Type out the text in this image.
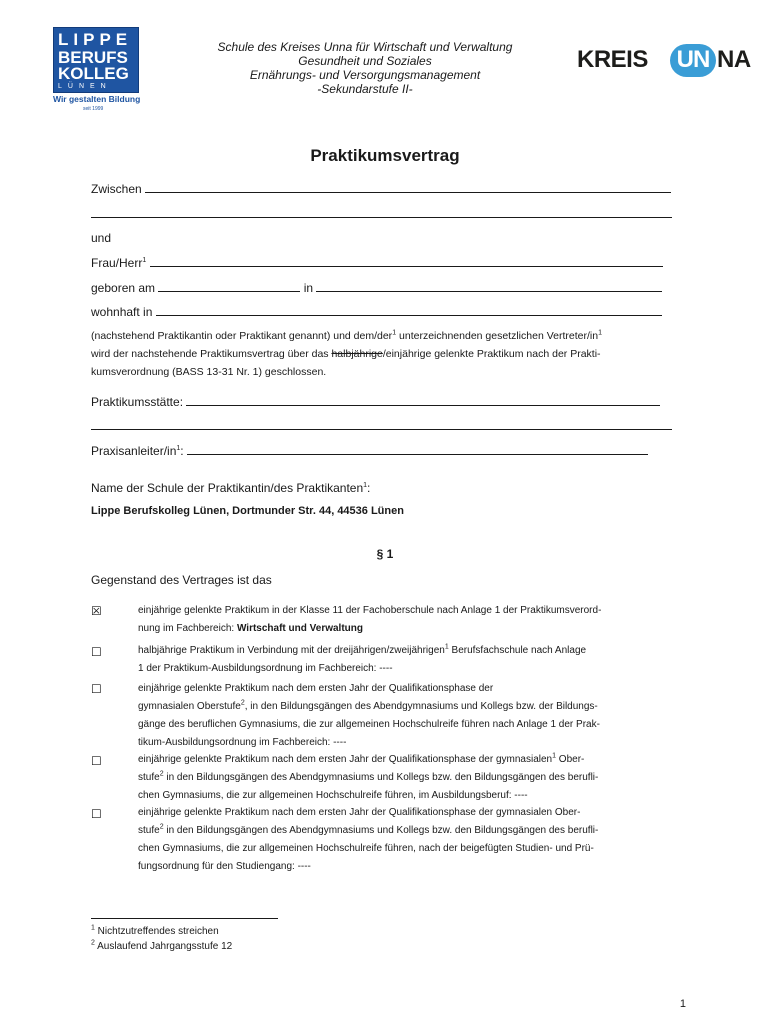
LIPPE
BERUFS
KOLLEG
LÜNEN
Wir gestalten Bildung
seit 1999
Schule des Kreises Unna für Wirtschaft und Verwaltung
Gesundheit und Soziales
Ernährungs- und Versorgungsmanagement
-Sekundarstufe II-
KREIS UN NA
Praktikumsvertrag
Zwischen
und
Frau/Herr$^1$
geboren am	in
wohnhaft in

(nachstehend Praktikantin oder Praktikant genannt) und dem/der$^1$ unterzeichnenden gesetzlichen Vertreter/$in^1$

wird der nachstehende Praktikumsvertrag über das halbjährige/einjährige gelenkte Praktikum nach der Prakti-

kumsverordnung (BASS 13-31 Nr. 1) geschlossen.

Praktikumsstätte:
Praxisanleiter/$in^1$:
Name der Schule der Praktikantin/des Praktikanten$^1$:
Lippe Berufskolleg Lünen, Dortmunder Str. 44, 44536 Lünen
§ 1
Gegenstand des Vertrages ist das
☒	einjährige gelenkte Praktikum in der Klasse 11 der Fachoberschule nach Anlage 1 der Praktikumsverord-

nung im Fachbereich: Wirtschaft und Verwaltung

☐	halbjährige Praktikum in Verbindung mit der dreijährigen/zweijährigen$^1$ Berufsfachschule nach Anlage

1 der Praktikum-Ausbildungsordnung im Fachbereich: ----

☐	einjährige gelenkte Praktikum nach dem ersten Jahr der Qualifikationsphase der

gymnasialen Oberstufe$^2$, in den Bildungsgängen des Abendgymnasiums und Kollegs bzw. der Bildungs-

gänge des beruflichen Gymnasiums, die zur allgemeinen Hochschulreife führen nach Anlage 1 der Prak-

tikum-Ausbildungsordnung im Fachbereich: ----

☐	einjährige gelenkte Praktikum nach dem ersten Jahr der Qualifikationsphase der gymnasialen$^1$ Ober-

stufe$^2$ in den Bildungsgängen des Abendgymnasiums und Kollegs bzw. den Bildungsgängen des berufli-

chen Gymnasiums, die zur allgemeinen Hochschulreife führen, im Ausbildungsberuf: ----

☐	einjährige gelenkte Praktikum nach dem ersten Jahr der Qualifikationsphase der gymnasialen Ober-

stufe$^2$ in den Bildungsgängen des Abendgymnasiums und Kollegs bzw. den Bildungsgängen des berufli-

chen Gymnasiums, die zur allgemeinen Hochschulreife führen, nach der beigefügten Studien- und Prü-

fungsordnung für den Studiengang: ----

$^1$ Nichtzutreffendes streichen
$^2$ Auslaufend Jahrgangsstufe 12
1
